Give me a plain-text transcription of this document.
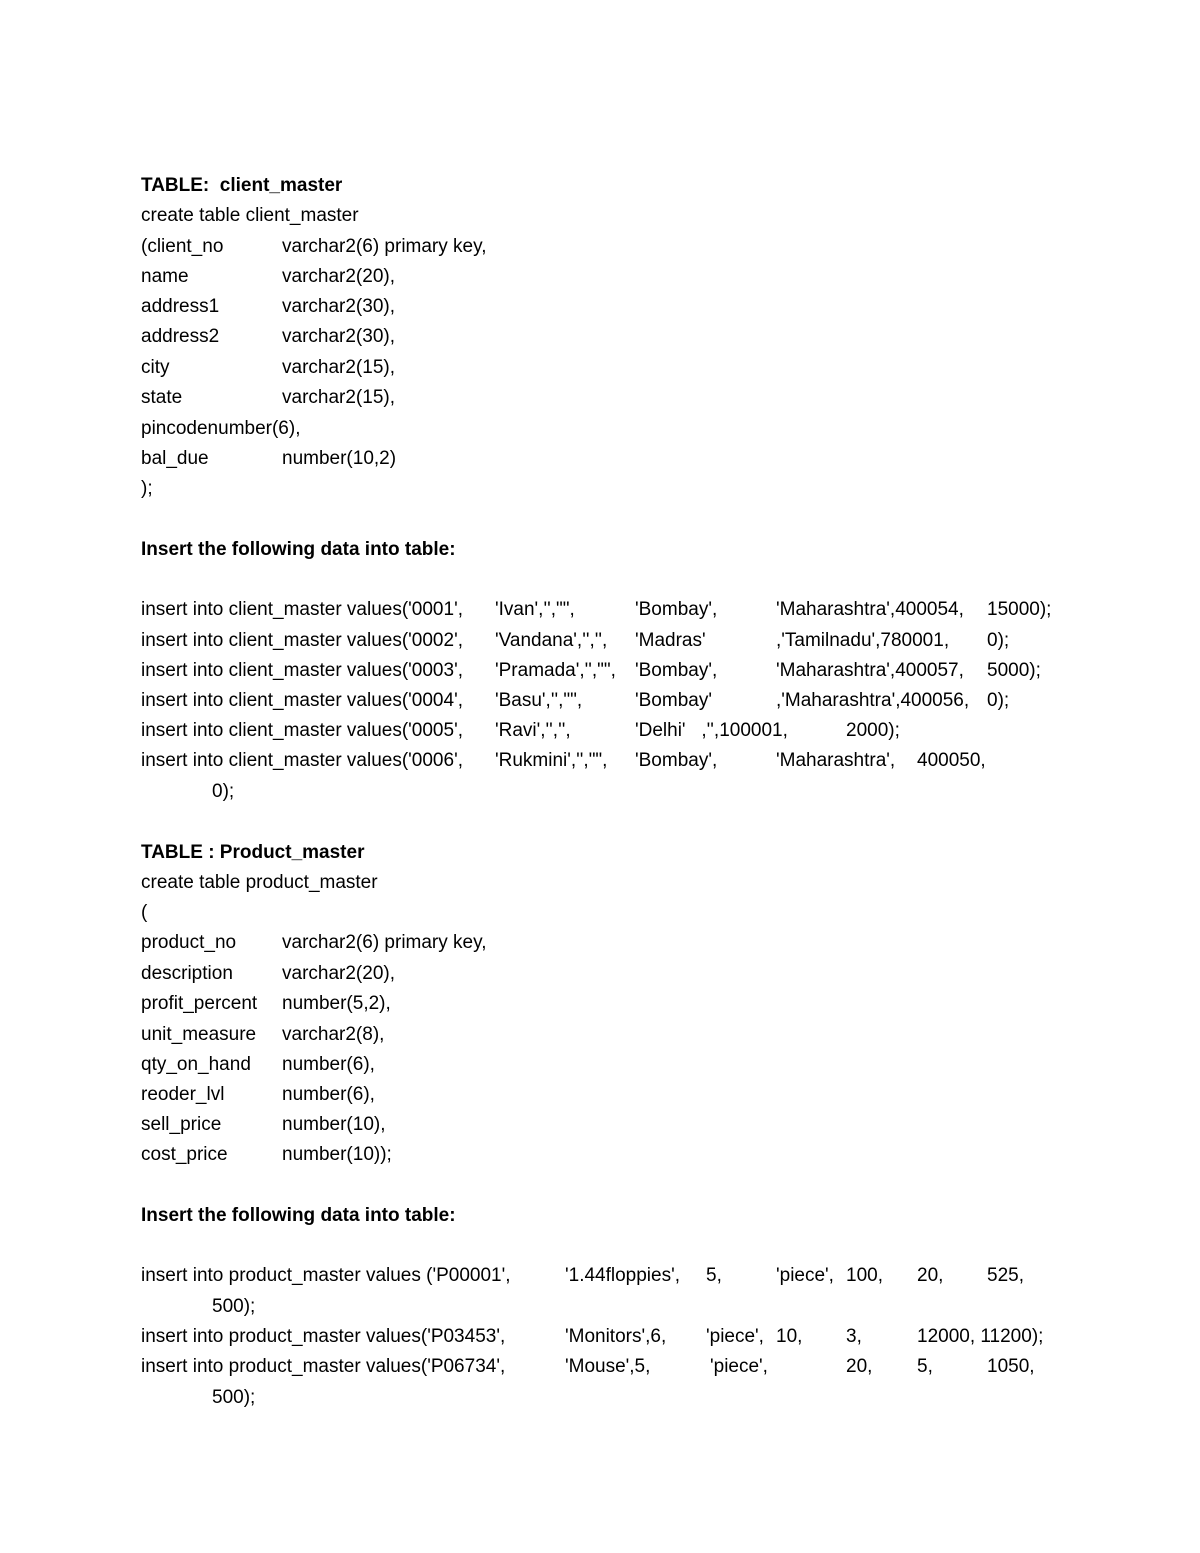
TABLE:  client_master
create table client_master
(client_no	varchar2(6) primary key,
name	varchar2(20),
address1	varchar2(30),
address2	varchar2(30),
city	varchar2(15),
state	varchar2(15),
pincodenumber(6),
bal_due	number(10,2)
);
Insert the following data into table:
insert into client_master values('0001', 'Ivan','',"",	'Bombay',	'Maharashtra',400054, 15000);
insert into client_master values('0002', 'Vandana','','', 'Madras'	,'Tamilnadu',780001, 0);
insert into client_master values('0003', 'Pramada','',"", 'Bombay',	'Maharashtra',400057, 5000);
insert into client_master values('0004', 'Basu','',"",	'Bombay'	,'Maharashtra',400056, 0);
insert into client_master values('0005', 'Ravi','','',	'Delhi'   ,'',100001,	2000);
insert into client_master values('0006', 'Rukmini','',"", 'Bombay',	'Maharashtra', 400050,
0);
TABLE : Product_master
create table product_master
(
product_no varchar2(6) primary key,
description	varchar2(20),
profit_percent number(5,2),
unit_measure varchar2(8),
qty_on_hand number(6),
reoder_lvl	number(6),
sell_price	number(10),
cost_price	number(10));
Insert the following data into table:
insert into product_master values ('P00001',	'1.44floppies', 5,	'piece', 100, 20, 525,
500);
insert into product_master values('P03453',	'Monitors',6, 'piece', 10, 3,	12000, 11200);
insert into product_master values('P06734',	'Mouse',5,	'piece',	20, 5,	1050,
500);
